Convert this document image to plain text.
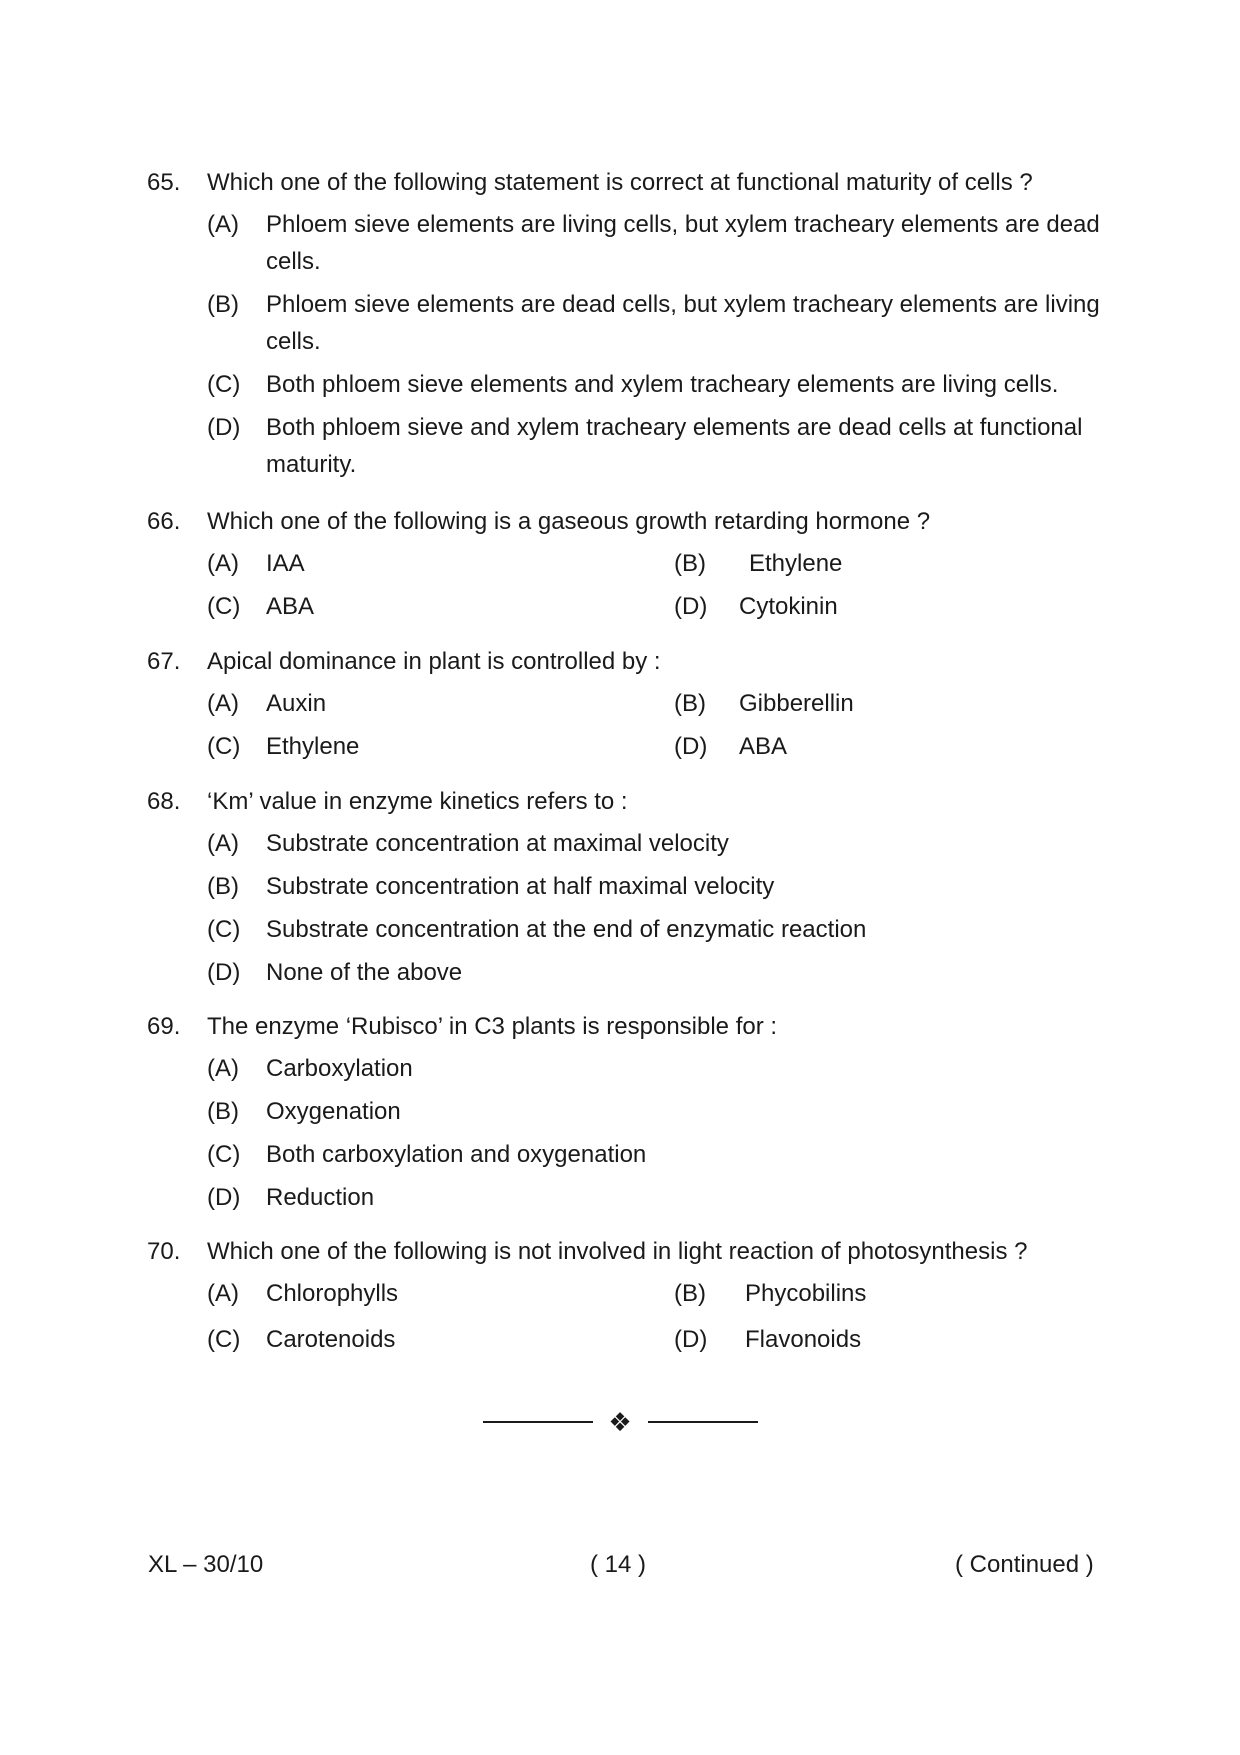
65. Which one of the following statement is correct at functional maturity of cells ?
(A) Phloem sieve elements are living cells, but xylem tracheary elements are dead cells.
(B) Phloem sieve elements are dead cells, but xylem tracheary elements are living cells.
(C) Both phloem sieve elements and xylem tracheary elements are living cells.
(D) Both phloem sieve and xylem tracheary elements are dead cells at functional maturity.
66. Which one of the following is a gaseous growth retarding hormone ?
(A) IAA	(B) Ethylene
(C) ABA	(D) Cytokinin
67. Apical dominance in plant is controlled by :
(A) Auxin	(B) Gibberellin
(C) Ethylene	(D) ABA
68. ‘Km’ value in enzyme kinetics refers to :
(A) Substrate concentration at maximal velocity
(B) Substrate concentration at half maximal velocity
(C) Substrate concentration at the end of enzymatic reaction
(D) None of the above
69. The enzyme ‘Rubisco’ in C3 plants is responsible for :
(A) Carboxylation
(B) Oxygenation
(C) Both carboxylation and oxygenation
(D) Reduction
70. Which one of the following is not involved in light reaction of photosynthesis ?
(A) Chlorophylls	(B) Phycobilins
(C) Carotenoids	(D) Flavonoids
❖
XL – 30/10	( 14 )	( Continued )
